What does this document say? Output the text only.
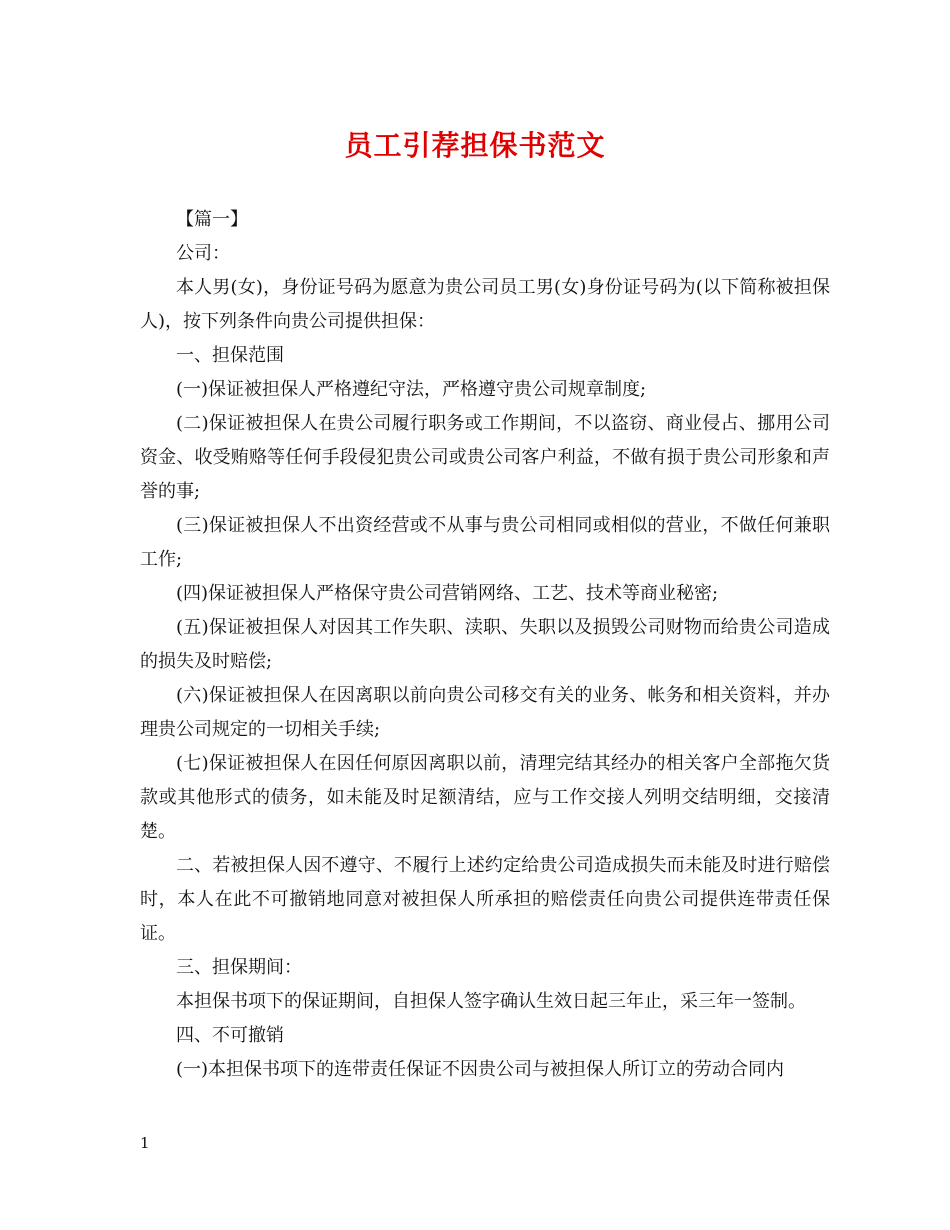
员工引荐担保书范文

【篇一】

公司：

本人男(女)，身份证号码为愿意为贵公司员工男(女)身份证号码为(以下简称被担保人)，按下列条件向贵公司提供担保：

一、担保范围

(一)保证被担保人严格遵纪守法，严格遵守贵公司规章制度;

(二)保证被担保人在贵公司履行职务或工作期间，不以盗窃、商业侵占、挪用公司资金、收受贿赂等任何手段侵犯贵公司或贵公司客户利益，不做有损于贵公司形象和声誉的事;

(三)保证被担保人不出资经营或不从事与贵公司相同或相似的营业，不做任何兼职工作;

(四)保证被担保人严格保守贵公司营销网络、工艺、技术等商业秘密;

(五)保证被担保人对因其工作失职、渎职、失职以及损毁公司财物而给贵公司造成的损失及时赔偿;

(六)保证被担保人在因离职以前向贵公司移交有关的业务、帐务和相关资料，并办理贵公司规定的一切相关手续;

(七)保证被担保人在因任何原因离职以前，清理完结其经办的相关客户全部拖欠货款或其他形式的债务，如未能及时足额清结，应与工作交接人列明交结明细，交接清楚。

二、若被担保人因不遵守、不履行上述约定给贵公司造成损失而未能及时进行赔偿时，本人在此不可撤销地同意对被担保人所承担的赔偿责任向贵公司提供连带责任保证。

三、担保期间：

本担保书项下的保证期间，自担保人签字确认生效日起三年止，采三年一签制。

四、不可撤销

(一)本担保书项下的连带责任保证不因贵公司与被担保人所订立的劳动合同内

1
